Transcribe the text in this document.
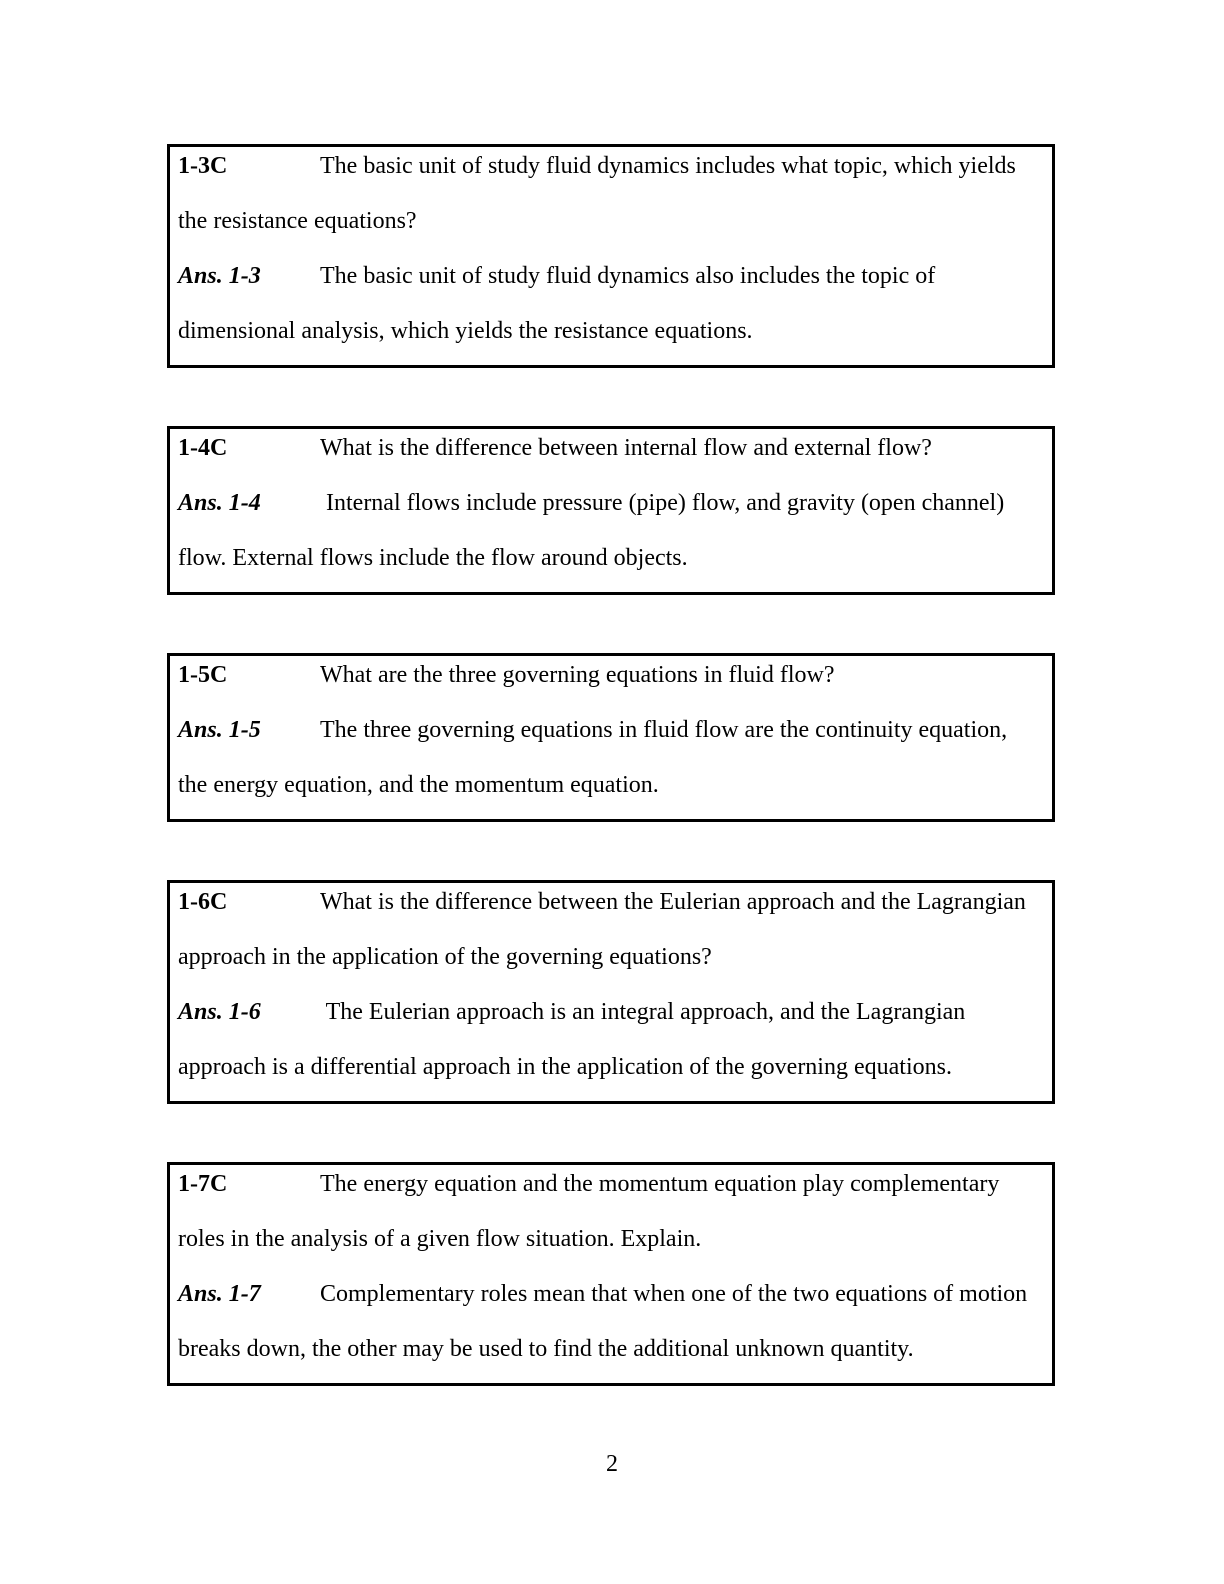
1-3C	The basic unit of study fluid dynamics includes what topic, which yields the resistance equations?

Ans. 1-3 The basic unit of study fluid dynamics also includes the topic of dimensional analysis, which yields the resistance equations.

1-4C	What is the difference between internal flow and external flow?

Ans. 1-4 Internal flows include pressure (pipe) flow, and gravity (open channel) flow. External flows include the flow around objects.

1-5C	What are the three governing equations in fluid flow?

Ans. 1-5 The three governing equations in fluid flow are the continuity equation, the energy equation, and the momentum equation.

1-6C	What is the difference between the Eulerian approach and the Lagrangian approach in the application of the governing equations?

Ans. 1-6 The Eulerian approach is an integral approach, and the Lagrangian approach is a differential approach in the application of the governing equations.

1-7C	The energy equation and the momentum equation play complementary roles in the analysis of a given flow situation. Explain.

Ans. 1-7 Complementary roles mean that when one of the two equations of motion breaks down, the other may be used to find the additional unknown quantity.

2
